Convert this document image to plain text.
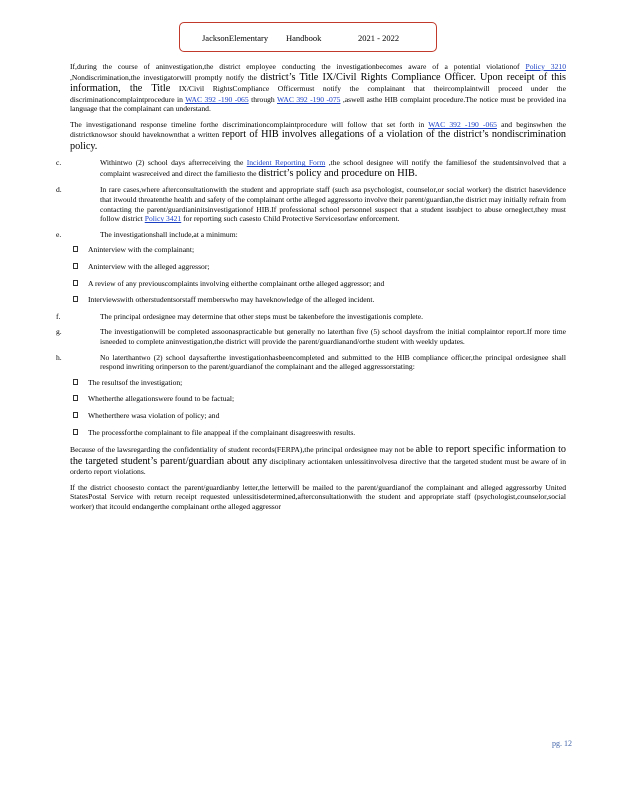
JacksonElementary Handbook	2021 - 2022

If,during the course of aninvestigation,the district employee conducting the investigationbecomes aware of a potential violationof Policy 3210 ,Nondiscrimination,the investigatorwill promptly notify the district’s Title IX/Civil Rights Compliance Officer. Upon receipt of this information, the Title IX/Civil RightsCompliance Officermust notify the complainant that theircomplaintwill proceed under the discriminationcomplaintprocedure in WAC 392 -190 -065 through WAC 392 -190 -075 ,aswell asthe HIB complaint procedure.The notice must be provided ina language that the complainant can understand.

The investigationand response timeline forthe discriminationcomplaintprocedure will follow that set forth in WAC 392 -190 -065 and beginswhen the districtknowsor should haveknownthat a written report of HIB involves allegations of a violation of the district’s nondiscrimination policy.

c.	Withintwo (2) school days afterreceiving the Incident Reporting Form ,the school designee will notify the familiesof the studentsinvolved that a complaint wasreceived and direct the familiesto the district’s policy and procedure on HIB.
d.	In rare cases,where afterconsultationwith the student and appropriate staff (such asa psychologist, counselor,or social worker) the district hasevidence that itwould threatenthe health and safety of the complainant orthe alleged aggressorto involve their parent/guardian,the district may initially refrain from contacting the parent/guardianinitsinvestigationof HIB.If professional school personnel suspect that a student issubject to abuse orneglect,they must follow district Policy 3421 for reporting such casesto Child Protective Servicesorlaw enforcement.
e.	The investigationshall include,at a minimum:
Aninterview with the complainant;
Aninterview with the alleged aggressor;
A review of any previouscomplaints involving eitherthe complainant orthe alleged aggressor; and
Interviewswith otherstudentsorstaff memberswho may haveknowledge of the alleged incident.
f.	The principal ordesignee may determine that other steps must be takenbefore the investigationis complete.
g.	The investigationwill be completed assoonaspracticable but generally no laterthan five (5) school daysfrom the initial complaintor report.If more time isneeded to complete aninvestigation,the district will provide the parent/guardianand/orthe student with weekly updates.
h.	No laterthantwo (2) school daysafterthe investigationhasbeencompleted and submitted to the HIB compliance officer,the principal ordesignee shall respond inwriting orinperson to the parent/guardianof the complainant and the alleged aggressorstating:
The resultsof the investigation;
Whetherthe allegationswere found to be factual;
Whetherthere wasa violation of policy; and
The processforthe complainant to file anappeal if the complainant disagreeswith results.

Because of the lawsregarding the confidentiality of student records(FERPA),the principal ordesignee may not be able to report specific information to the targeted student’s parent/guardian about any disciplinary actiontaken unlessitinvolvesa directive that the targeted student must be aware of in orderto report violations.

If the district choosesto contact the parent/guardianby letter,the letterwill be mailed to the parent/guardianof the complainant and alleged aggressorby United StatesPostal Service with return receipt requested unlessitisdetermined,afterconsultationwith the student and appropriate staff (psychologist,counselor,social worker) that itcould endangerthe complainant orthe alleged aggressor

pg. 12
